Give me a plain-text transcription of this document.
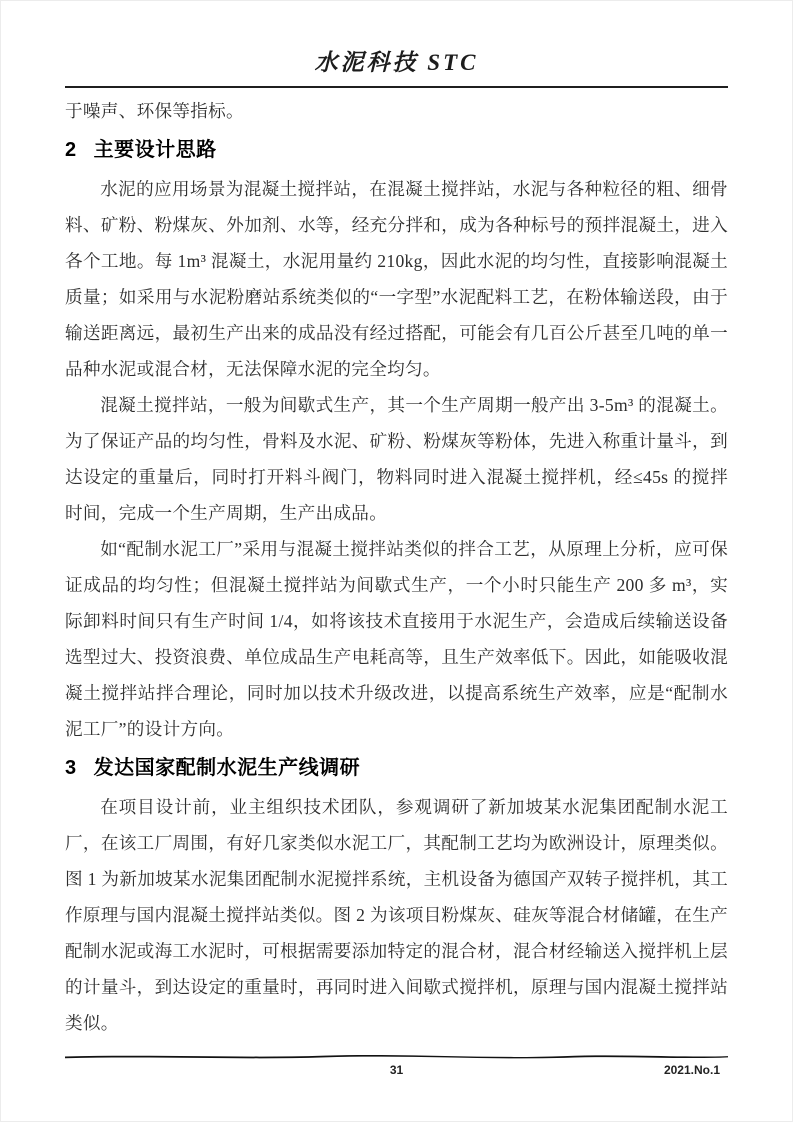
水泥科技 STC

于噪声、环保等指标。

2 主要设计思路

水泥的应用场景为混凝土搅拌站，在混凝土搅拌站，水泥与各种粒径的粗、细骨料、矿粉、粉煤灰、外加剂、水等，经充分拌和，成为各种标号的预拌混凝土，进入各个工地。每 1m³ 混凝土，水泥用量约 210kg，因此水泥的均匀性，直接影响混凝土质量；如采用与水泥粉磨站系统类似的“一字型”水泥配料工艺，在粉体输送段，由于输送距离远，最初生产出来的成品没有经过搭配，可能会有几百公斤甚至几吨的单一品种水泥或混合材，无法保障水泥的完全均匀。

混凝土搅拌站，一般为间歇式生产，其一个生产周期一般产出 3-5m³ 的混凝土。为了保证产品的均匀性，骨料及水泥、矿粉、粉煤灰等粉体，先进入称重计量斗，到达设定的重量后，同时打开料斗阀门，物料同时进入混凝土搅拌机，经≤45s 的搅拌时间，完成一个生产周期，生产出成品。

如“配制水泥工厂”采用与混凝土搅拌站类似的拌合工艺，从原理上分析，应可保证成品的均匀性；但混凝土搅拌站为间歇式生产，一个小时只能生产 200 多 m³，实际卸料时间只有生产时间 1/4，如将该技术直接用于水泥生产，会造成后续输送设备选型过大、投资浪费、单位成品生产电耗高等，且生产效率低下。因此，如能吸收混凝土搅拌站拌合理论，同时加以技术升级改进，以提高系统生产效率，应是“配制水泥工厂”的设计方向。

3 发达国家配制水泥生产线调研

在项目设计前，业主组织技术团队，参观调研了新加坡某水泥集团配制水泥工厂，在该工厂周围，有好几家类似水泥工厂，其配制工艺均为欧洲设计，原理类似。图 1 为新加坡某水泥集团配制水泥搅拌系统，主机设备为德国产双转子搅拌机，其工作原理与国内混凝土搅拌站类似。图 2 为该项目粉煤灰、硅灰等混合材储罐，在生产配制水泥或海工水泥时，可根据需要添加特定的混合材，混合材经输送入搅拌机上层的计量斗，到达设定的重量时，再同时进入间歇式搅拌机，原理与国内混凝土搅拌站类似。

31	2021.No.1
